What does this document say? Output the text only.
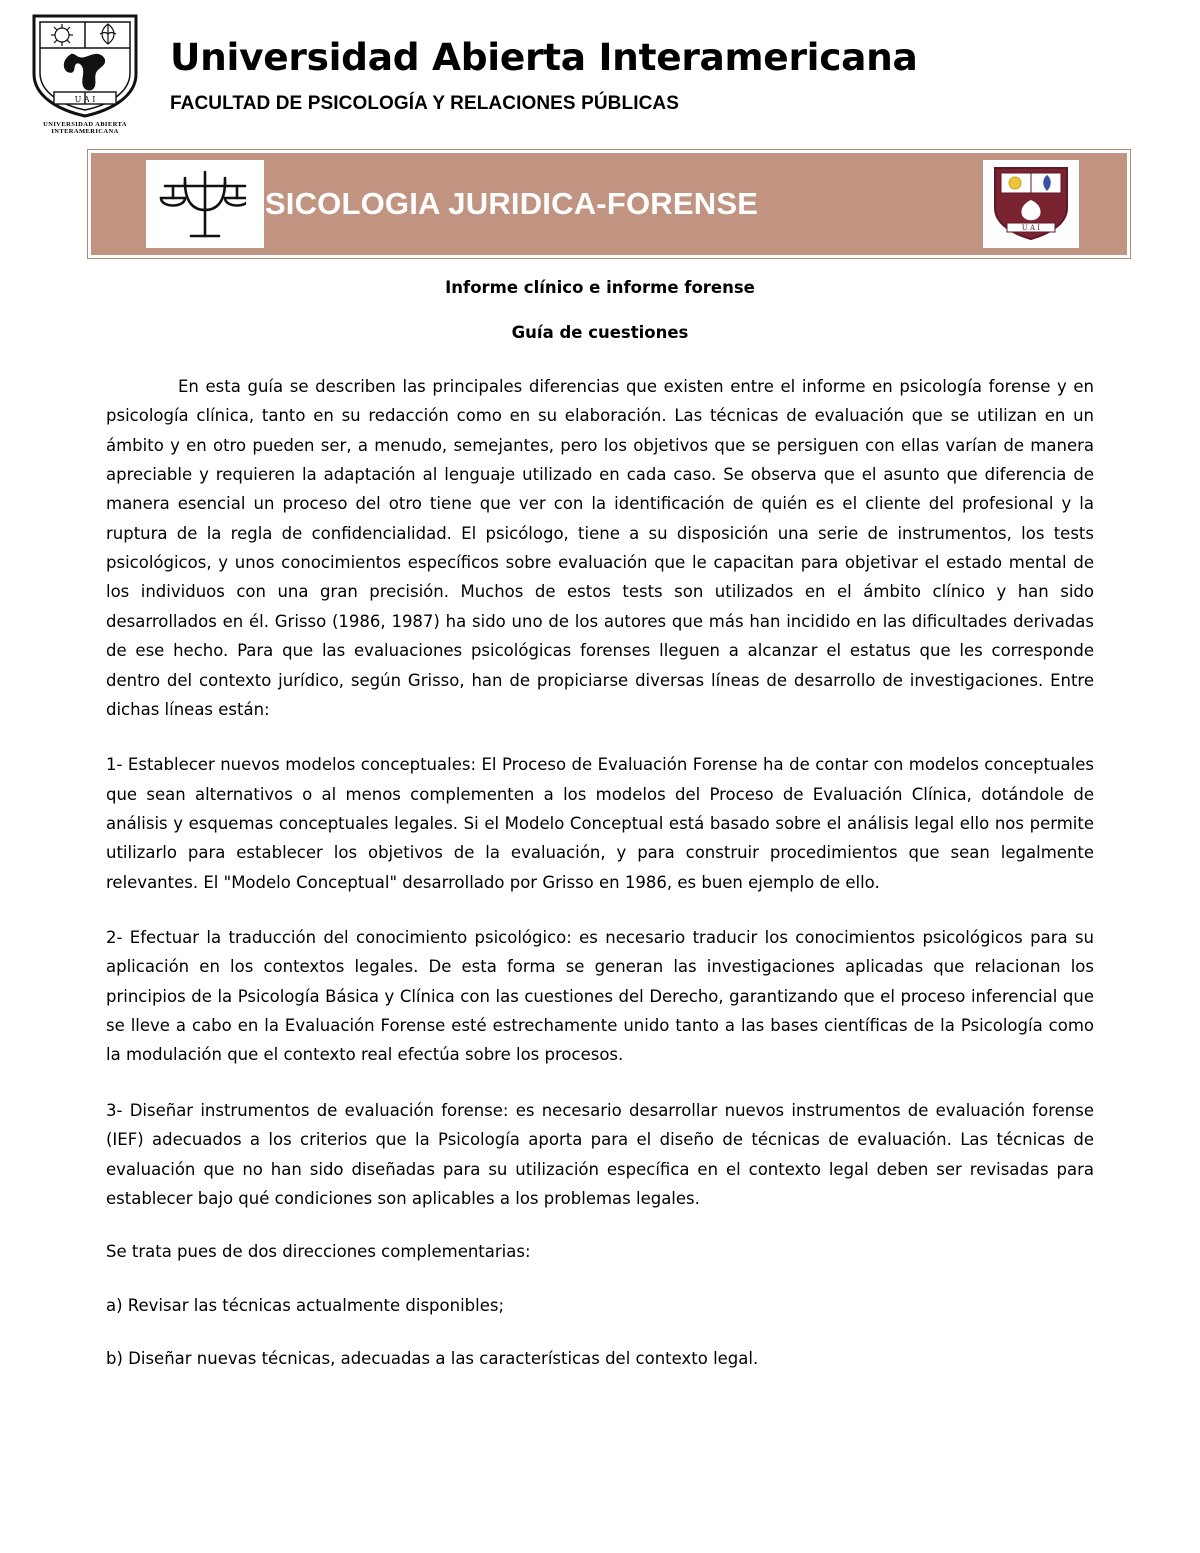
U A I
UNIVERSIDAD ABIERTA
INTERAMERICANA
Universidad Abierta Interamericana
FACULTAD DE PSICOLOGÍA Y RELACIONES PÚBLICAS
PSICOLOGIA JURIDICA-FORENSE
U A I
Informe clínico e informe forense
Guía de cuestiones

En esta guía se describen las principales diferencias que existen entre el informe en psicología forense y en psicología clínica, tanto en su redacción como en su elaboración. Las técnicas de evaluación que se utilizan en un ámbito y en otro pueden ser, a menudo, semejantes, pero los objetivos que se persiguen con ellas varían de manera apreciable y requieren la adaptación al lenguaje utilizado en cada caso. Se observa que el asunto que diferencia de manera esencial un proceso del otro tiene que ver con la identificación de quién es el cliente del profesional y la ruptura de la regla de confidencialidad. El psicólogo, tiene a su disposición una serie de instrumentos, los tests psicológicos, y unos conocimientos específicos sobre evaluación que le capacitan para objetivar el estado mental de los individuos con una gran precisión. Muchos de estos tests son utilizados en el ámbito clínico y han sido desarrollados en él. Grisso (1986, 1987) ha sido uno de los autores que más han incidido en las dificultades derivadas de ese hecho. Para que las evaluaciones psicológicas forenses lleguen a alcanzar el estatus que les corresponde dentro del contexto jurídico, según Grisso, han de propiciarse diversas líneas de desarrollo de investigaciones. Entre dichas líneas están:

1- Establecer nuevos modelos conceptuales: El Proceso de Evaluación Forense ha de contar con modelos conceptuales que sean alternativos o al menos complementen a los modelos del Proceso de Evaluación Clínica, dotándole de análisis y esquemas conceptuales legales. Si el Modelo Conceptual está basado sobre el análisis legal ello nos permite utilizarlo para establecer los objetivos de la evaluación, y para construir procedimientos que sean legalmente relevantes. El "Modelo Conceptual" desarrollado por Grisso en 1986, es buen ejemplo de ello.

2- Efectuar la traducción del conocimiento psicológico: es necesario traducir los conocimientos psicológicos para su aplicación en los contextos legales. De esta forma se generan las investigaciones aplicadas que relacionan los principios de la Psicología Básica y Clínica con las cuestiones del Derecho, garantizando que el proceso inferencial que se lleve a cabo en la Evaluación Forense esté estrechamente unido tanto a las bases científicas de la Psicología como la modulación que el contexto real efectúa sobre los procesos.

3- Diseñar instrumentos de evaluación forense: es necesario desarrollar nuevos instrumentos de evaluación forense (IEF) adecuados a los criterios que la Psicología aporta para el diseño de técnicas de evaluación. Las técnicas de evaluación que no han sido diseñadas para su utilización específica en el contexto legal deben ser revisadas para establecer bajo qué condiciones son aplicables a los problemas legales.

Se trata pues de dos direcciones complementarias:

a) Revisar las técnicas actualmente disponibles;

b) Diseñar nuevas técnicas, adecuadas a las características del contexto legal.
